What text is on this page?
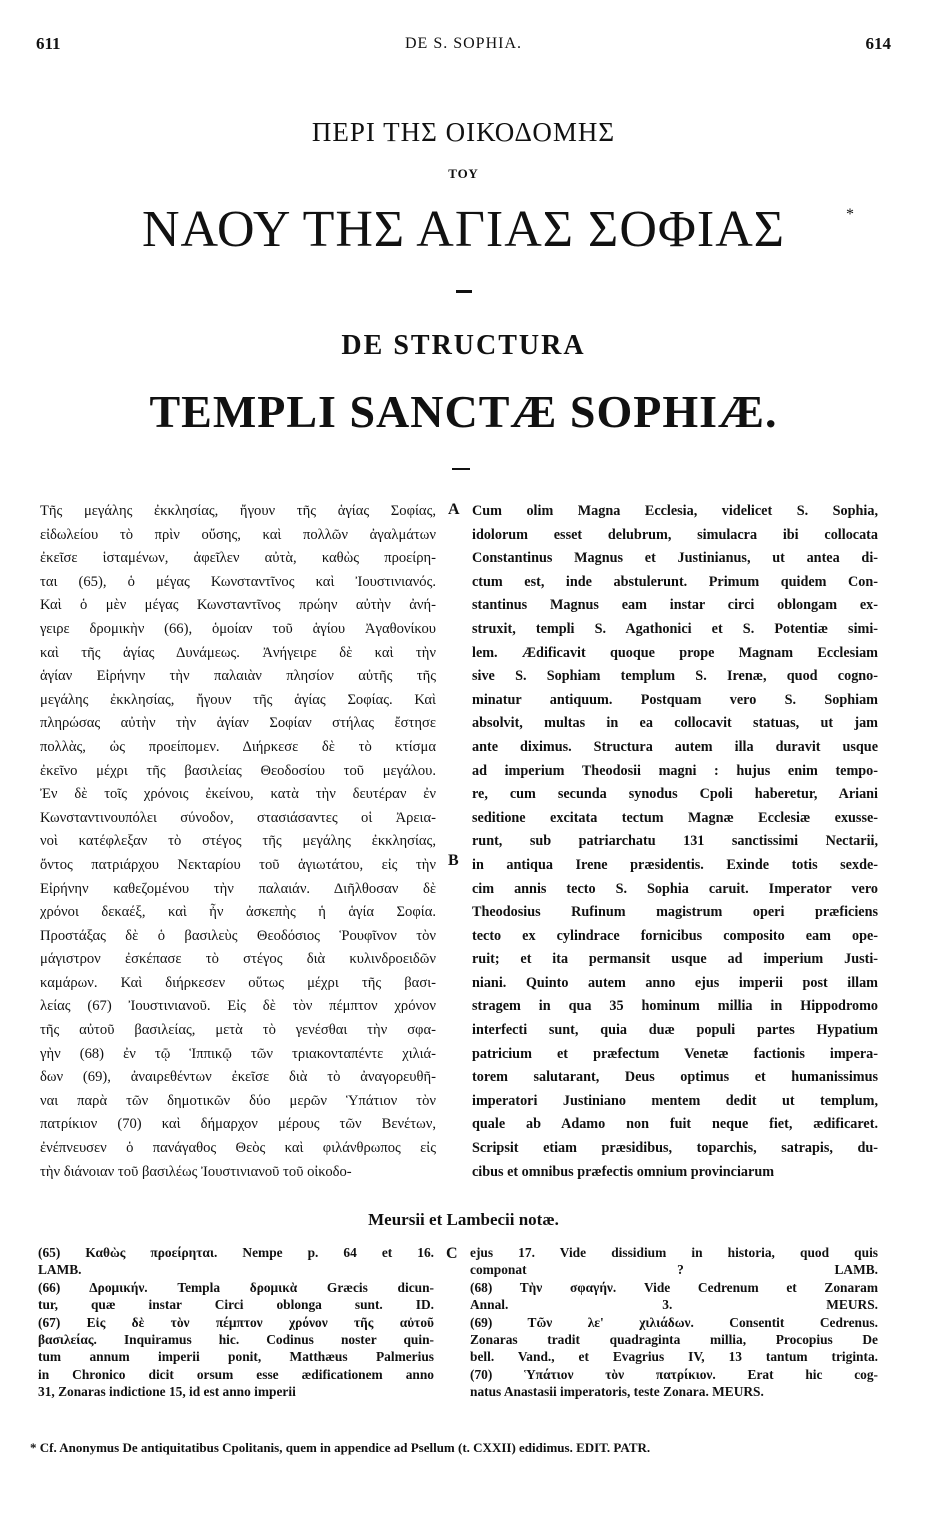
611	DE S. SOPHIA.	614
ΠΕΡΙ ΤΗΣ ΟΙΚΟΔΟΜΗΣ
ΤΟΥ
ΝΑΟΥ ΤΗΣ ΑΓΙΑΣ ΣΟΦΙΑΣ	*
DE STRUCTURA
TEMPLI SANCTÆ SOPHIÆ.
Τῆς μεγάλης ἐκκλησίας, ἤγουν τῆς ἁγίας Σοφίας,
εἰδωλείου τὸ πρὶν οὔσης, καὶ πολλῶν ἀγαλμάτων
ἐκεῖσε ἱσταμένων, ἀφεῖλεν αὐτὰ, καθὼς προείρη-
ται (65), ὁ μέγας Κωνσταντῖνος καὶ Ἰουστινιανός.
Καὶ ὁ μὲν μέγας Κωνσταντῖνος πρώην αὐτὴν ἀνή-
γειρε δρομικὴν (66), ὁμοίαν τοῦ ἁγίου Ἀγαθονίκου
καὶ τῆς ἁγίας Δυνάμεως. Ἀνήγειρε δὲ καὶ τὴν
ἁγίαν Εἰρήνην τὴν παλαιὰν πλησίον αὐτῆς τῆς
μεγάλης ἐκκλησίας, ἤγουν τῆς ἁγίας Σοφίας. Καὶ
πληρώσας αὐτὴν τὴν ἁγίαν Σοφίαν στήλας ἔστησε
πολλὰς, ὡς προείπομεν. Διήρκεσε δὲ τὸ κτίσμα
ἐκεῖνο μέχρι τῆς βασιλείας Θεοδοσίου τοῦ μεγάλου.
Ἐν δὲ τοῖς χρόνοις ἐκείνου, κατὰ τὴν δευτέραν ἐν
Κωνσταντινουπόλει σύνοδον, στασιάσαντες οἱ Ἀρεια-
νοὶ κατέφλεξαν τὸ στέγος τῆς μεγάλης ἐκκλησίας,
ὄντος πατριάρχου Νεκταρίου τοῦ ἁγιωτάτου, εἰς τὴν
Εἰρήνην καθεζομένου τὴν παλαιάν. Διῆλθοσαν δὲ
χρόνοι δεκαέξ, καὶ ἦν ἀσκεπὴς ἡ ἁγία Σοφία.
Προστάξας δὲ ὁ βασιλεὺς Θεοδόσιος Ῥουφῖνον τὸν
μάγιστρον ἐσκέπασε τὸ στέγος διὰ κυλινδροειδῶν
καμάρων. Καὶ διήρκεσεν οὕτως μέχρι τῆς βασι-
λείας (67) Ἰουστινιανοῦ. Εἰς δὲ τὸν πέμπτον χρόνον
τῆς αὐτοῦ βασιλείας, μετὰ τὸ γενέσθαι τὴν σφα-
γὴν (68) ἐν τῷ Ἱππικῷ τῶν τριακονταπέντε χιλιά-
δων (69), ἀναιρεθέντων ἐκεῖσε διὰ τὸ ἀναγορευθῆ-
ναι παρὰ τῶν δημοτικῶν δύο μερῶν Ὑπάτιον τὸν
πατρίκιον (70) καὶ δήμαρχον μέρους τῶν Βενέτων,
ἐνέπνευσεν ὁ πανάγαθος Θεὸς καὶ φιλάνθρωπος εἰς
τὴν διάνοιαν τοῦ βασιλέως Ἰουστινιανοῦ τοῦ οἰκοδο-
Cum olim Magna Ecclesia, videlicet S. Sophia,
idolorum esset delubrum, simulacra ibi collocata
Constantinus Magnus et Justinianus, ut antea di-
ctum est, inde abstulerunt. Primum quidem Con-
stantinus Magnus eam instar circi oblongam ex-
struxit, templi S. Agathonici et S. Potentiæ simi-
lem. Ædificavit quoque prope Magnam Ecclesiam
sive S. Sophiam templum S. Irenæ, quod cogno-
minatur antiquum. Postquam vero S. Sophiam
absolvit, multas in ea collocavit statuas, ut jam
ante diximus. Structura autem illa duravit usque
ad imperium Theodosii magni : hujus enim tempo-
re, cum secunda synodus Cpoli haberetur, Ariani
seditione excitata tectum Magnæ Ecclesiæ exusse-
runt, sub patriarchatu 131 sanctissimi Nectarii,
in antiqua Irene præsidentis. Exinde totis sexde-
cim annis tecto S. Sophia caruit. Imperator vero
Theodosius Rufinum magistrum operi præficiens
tecto ex cylindrace fornicibus composito eam ope-
ruit; et ita permansit usque ad imperium Justi-
niani. Quinto autem anno ejus imperii post illam
stragem in qua 35 hominum millia in Hippodromo
interfecti sunt, quia duæ populi partes Hypatium
patricium et præfectum Venetæ factionis impera-
torem salutarant, Deus optimus et humanissimus
imperatori Justiniano mentem dedit ut templum,
quale ab Adamo non fuit neque fiet, ædificaret.
Scripsit etiam præsidibus, toparchis, satrapis, du-
cibus et omnibus præfectis omnium provinciarum
A
B
C
Meursii et Lambecii notæ.
(65) Καθὼς προείρηται. Nempe p. 64 et 16.
LAMB.
(66) Δρομικήν. Templa δρομικὰ Græcis dicun-
tur, quæ instar Circi oblonga sunt. ID.
(67) Εἰς δὲ τὸν πέμπτον χρόνον τῆς αὐτοῦ
βασιλείας. Inquiramus hic. Codinus noster quin-
tum annum imperii ponit, Matthæus Palmerius
in Chronico dicit orsum esse ædificationem anno
31, Zonaras indictione 15, id est anno imperii
ejus 17. Vide dissidium in historia, quod quis
componat ? LAMB.
(68) Τὴν σφαγήν. Vide Cedrenum et Zonaram
Annal. 3. MEURS.
(69) Τῶν λε' χιλιάδων. Consentit Cedrenus.
Zonaras tradit quadraginta millia, Procopius De
bell. Vand., et Evagrius IV, 13 tantum triginta.
(70) Ὑπάτιον τὸν πατρίκιον. Erat hic cog-
natus Anastasii imperatoris, teste Zonara. MEURS.
* Cf. Anonymus De antiquitatibus Cpolitanis, quem in appendice ad Psellum (t. CXXII) edidimus. EDIT. PATR.
